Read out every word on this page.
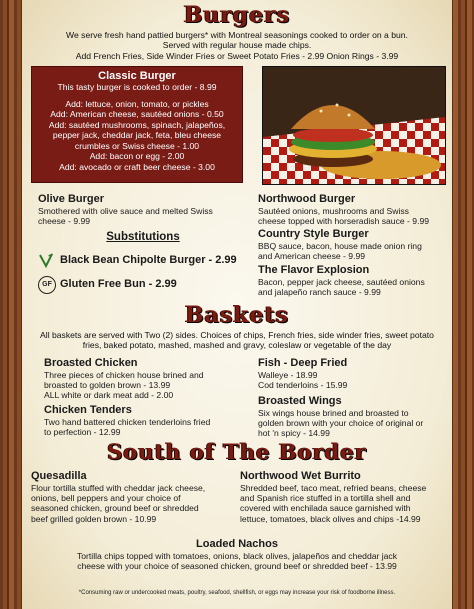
Burgers
We serve fresh hand pattied burgers* with Montreal seasonings cooked to order on a bun.
Served with regular house made chips.
Add French Fries, Side Winder Fries or Sweet Potato Fries - 2.99 Onion Rings - 3.99
Classic Burger
This tasty burger is cooked to order - 8.99
Add: lettuce, onion, tomato, or pickles
Add: American cheese, sautéed onions - 0.50
Add: sautéed mushrooms, spinach, jalapeños,
pepper jack, cheddar jack, feta, bleu cheese
crumbles or Swiss cheese - 1.00
Add: bacon or egg - 2.00
Add: avocado or craft beer cheese - 3.00
Olive Burger
Smothered with olive sauce and melted Swiss
cheese - 9.99
Substitutions
Black Bean Chipolte Burger - 2.99
GF Gluten Free Bun - 2.99
Northwood Burger
Sautéed onions, mushrooms and Swiss
cheese topped with horseradish sauce - 9.99
Country Style Burger
BBQ sauce, bacon, house made onion ring
and American cheese - 9.99
The Flavor Explosion
Bacon, pepper jack cheese, sautéed onions
and jalapeño ranch sauce - 9.99
Baskets
All baskets are served with Two (2) sides. Choices of chips, French fries, side winder fries, sweet potato
fries, baked potato, mashed, mashed and gravy, coleslaw or vegetable of the day
Broasted Chicken
Three pieces of chicken house brined and
broasted to golden brown - 13.99
ALL white or dark meat add - 2.00
Chicken Tenders
Two hand battered chicken tenderloins fried
to perfection - 12.99
Fish - Deep Fried
Walleye - 18.99
Cod tenderloins - 15.99
Broasted Wings
Six wings house brined and broasted to
golden brown with your choice of original or
hot 'n spicy - 14.99
South of The Border
Quesadilla
Flour tortilla stuffed with cheddar jack cheese,
onions, bell peppers and your choice of
seasoned chicken, ground beef or shredded
beef grilled golden brown - 10.99
Northwood Wet Burrito
Shredded beef, taco meat, refried beans, cheese
and Spanish rice stuffed in a tortilla shell and
covered with enchilada sauce garnished with
lettuce, tomatoes, black olives and chips -14.99
Loaded Nachos
Tortilla chips topped with tomatoes, onions, black olives, jalapeños and cheddar jack
cheese with your choice of seasoned chicken, ground beef or shredded beef - 13.99
*Consuming raw or undercooked meats, poultry, seafood, shellfish, or eggs may increase your risk of foodborne illness.
